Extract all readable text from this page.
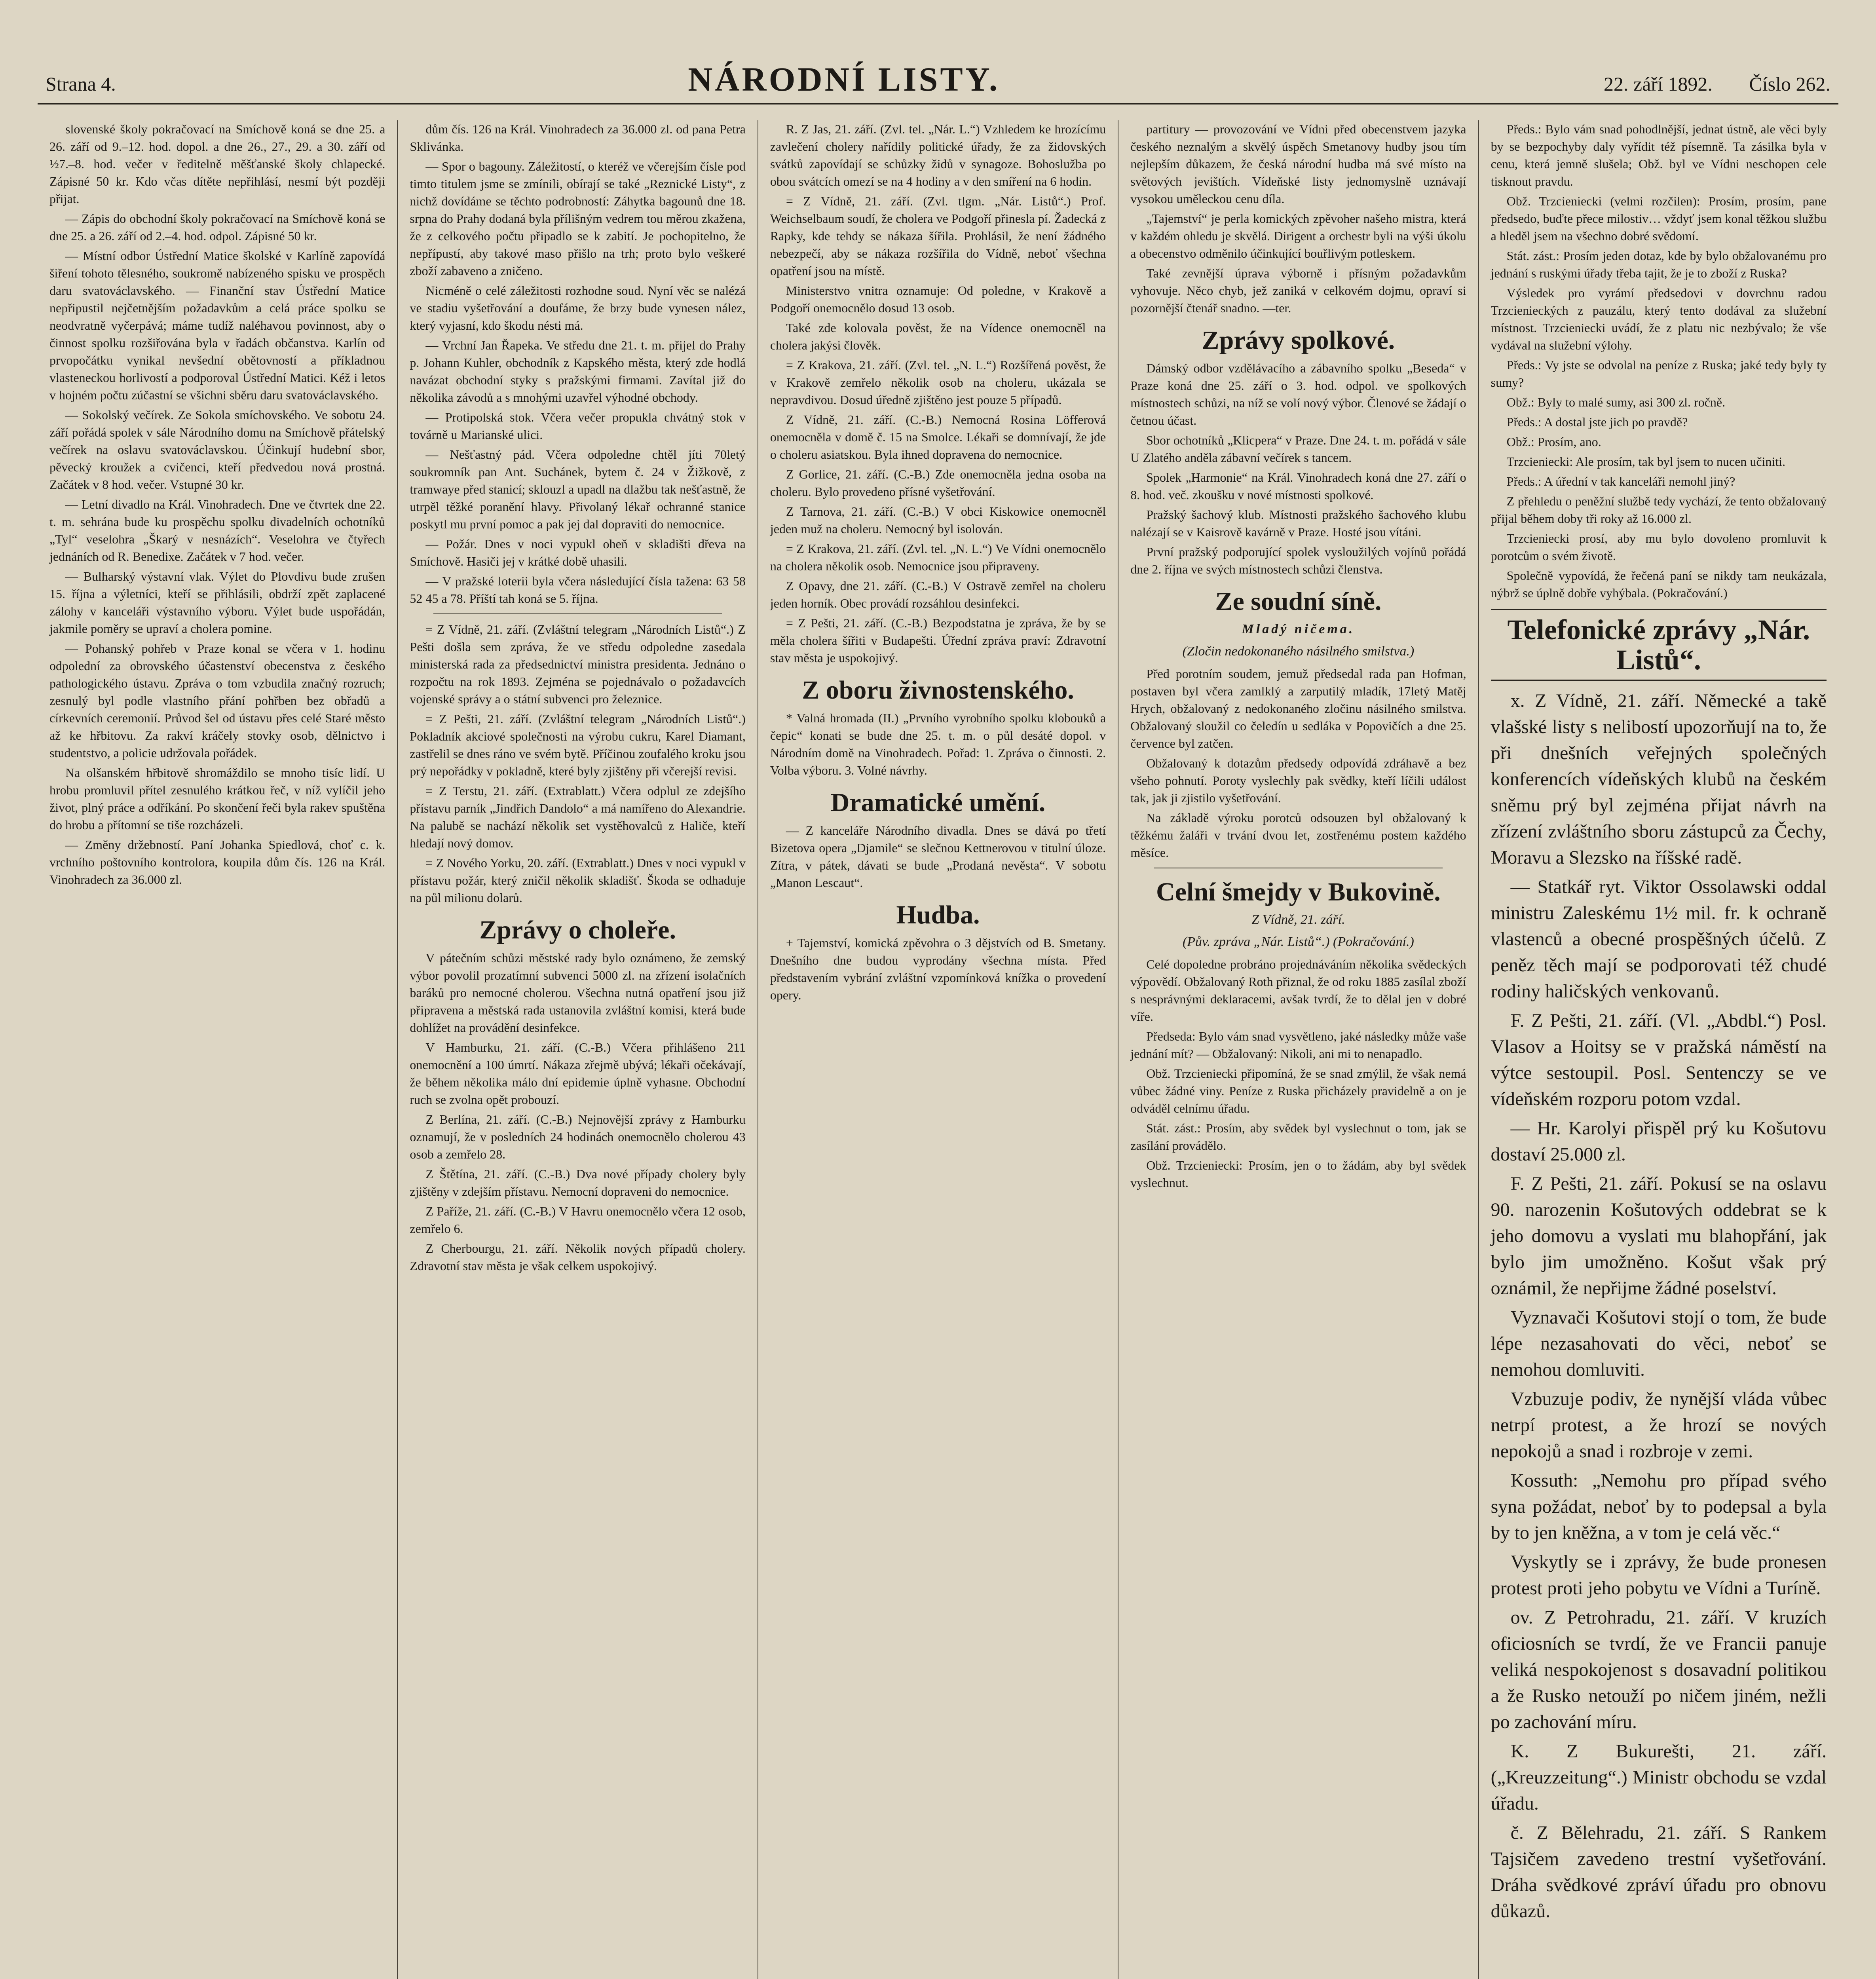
Strana 4.	NÁRODNÍ LISTY.	22. září 1892. Číslo 262.

slovenské školy pokračovací na Smíchově koná se dne 25. a 26. září od 9.–12. hod. dopol. a dne 26., 27., 29. a 30. září od ½7.–8. hod. večer v ředitelně měšťanské školy chlapecké. Zápisné 50 kr. Kdo včas dítěte nepřihlásí, nesmí být později přijat.

— Zápis do obchodní školy pokračovací na Smíchově koná se dne 25. a 26. září od 2.–4. hod. odpol. Zápisné 50 kr.

— Místní odbor Ústřední Matice školské v Karlíně zapovídá šiření tohoto tělesného, soukromě nabízeného spisku ve prospěch daru svatováclavského. — Finanční stav Ústřední Matice nepřipustil nejčetnějším požadavkům a celá práce spolku se neodvratně vyčerpává; máme tudíž naléhavou povinnost, aby o činnost spolku rozšiřována byla v řadách občanstva. Karlín od prvopočátku vynikal nevšední obětovností a příkladnou vlasteneckou horlivostí a podporoval Ústřední Matici. Kéž i letos v hojném počtu zúčastní se všichni sběru daru svatováclavského.

— Sokolský večírek. Ze Sokola smíchovského. Ve sobotu 24. září pořádá spolek v sále Národního domu na Smíchově přátelský večírek na oslavu svatováclavskou. Účinkují hudební sbor, pěvecký kroužek a cvičenci, kteří předvedou nová prostná. Začátek v 8 hod. večer. Vstupné 30 kr.

— Letní divadlo na Král. Vinohradech. Dne ve čtvrtek dne 22. t. m. sehrána bude ku prospěchu spolku divadelních ochotníků „Tyl“ veselohra „Škarý v nesnázích“. Veselohra ve čtyřech jednáních od R. Benedixe. Začátek v 7 hod. večer.

— Bulharský výstavní vlak. Výlet do Plovdivu bude zrušen 15. října a výletníci, kteří se přihlásili, obdrží zpět zaplacené zálohy v kanceláři výstavního výboru. Výlet bude uspořádán, jakmile poměry se upraví a cholera pomine.

— Pohanský pohřeb v Praze konal se včera v 1. hodinu odpolední za obrovského účastenství obecenstva z českého pathologického ústavu. Zpráva o tom vzbudila značný rozruch; zesnulý byl podle vlastního přání pohřben bez obřadů a církevních ceremonií. Průvod šel od ústavu přes celé Staré město až ke hřbitovu. Za rakví kráčely stovky osob, dělnictvo i studentstvo, a policie udržovala pořádek.

Na olšanském hřbitově shromáždilo se mnoho tisíc lidí. U hrobu promluvil přítel zesnulého krátkou řeč, v níž vylíčil jeho život, plný práce a odříkání. Po skončení řeči byla rakev spuštěna do hrobu a přítomní se tiše rozcházeli.

— Změny držebností. Paní Johanka Spiedlová, choť c. k. vrchního poštovního kontrolora, koupila dům čís. 126 na Král. Vinohradech za 36.000 zl.

dům čís. 126 na Král. Vinohradech za 36.000 zl. od pana Petra Sklivánka.

— Spor o bagouny. Záležitostí, o kteréž ve včerejším čísle pod timto titulem jsme se zmínili, obírají se také „Reznické Listy“, z nichž dovídáme se těchto podrobností: Záhytka bagounů dne 18. srpna do Prahy dodaná byla přílišným vedrem tou měrou zkažena, že z celkového počtu připadlo se k zabití. Je pochopitelno, že nepřípustí, aby takové maso přišlo na trh; proto bylo veškeré zboží zabaveno a zničeno.

Nicméně o celé záležitosti rozhodne soud. Nyní věc se nalézá ve stadiu vyšetřování a doufáme, že brzy bude vynesen nález, který vyjasní, kdo škodu nésti má.

— Vrchní Jan Řapeka. Ve středu dne 21. t. m. přijel do Prahy p. Johann Kuhler, obchodník z Kapského města, který zde hodlá navázat obchodní styky s pražskými firmami. Zavítal již do několika závodů a s mnohými uzavřel výhodné obchody.

— Protipolská stok. Včera večer propukla chvátný stok v továrně u Marianské ulici.

— Nešťastný pád. Včera odpoledne chtěl jíti 70letý soukromník pan Ant. Suchánek, bytem č. 24 v Žižkově, z tramwaye před stanicí; sklouzl a upadl na dlažbu tak nešťastně, že utrpěl těžké poranění hlavy. Přivolaný lékař ochranné stanice poskytl mu první pomoc a pak jej dal dopraviti do nemocnice.

— Požár. Dnes v noci vypukl oheň v skladišti dřeva na Smíchově. Hasiči jej v krátké době uhasili.

— V pražské loterii byla včera následující čísla tažena: 63 58 52 45 a 78. Příští tah koná se 5. října.

= Z Vídně, 21. září. (Zvláštní telegram „Národních Listů“.) Z Pešti došla sem zpráva, že ve středu odpoledne zasedala ministerská rada za předsednictví ministra presidenta. Jednáno o rozpočtu na rok 1893. Zejména se pojednávalo o požadavcích vojenské správy a o státní subvenci pro železnice.

= Z Pešti, 21. září. (Zvláštní telegram „Národních Listů“.) Pokladník akciové společnosti na výrobu cukru, Karel Diamant, zastřelil se dnes ráno ve svém bytě. Příčinou zoufalého kroku jsou prý nepořádky v pokladně, které byly zjištěny při včerejší revisi.

= Z Terstu, 21. září. (Extrablatt.) Včera odplul ze zdejšího přístavu parník „Jindřich Dandolo“ a má namířeno do Alexandrie. Na palubě se nachází několik set vystěhovalců z Haliče, kteří hledají nový domov.

= Z Nového Yorku, 20. září. (Extrablatt.) Dnes v noci vypukl v přístavu požár, který zničil několik skladišť. Škoda se odhaduje na půl milionu dolarů.

Zprávy o choleře.

V pátečním schůzi městské rady bylo oznámeno, že zemský výbor povolil prozatímní subvenci 5000 zl. na zřízení isolačních baráků pro nemocné cholerou. Všechna nutná opatření jsou již připravena a městská rada ustanovila zvláštní komisi, která bude dohlížet na provádění desinfekce.

V Hamburku, 21. září. (C.-B.) Včera přihlášeno 211 onemocnění a 100 úmrtí. Nákaza zřejmě ubývá; lékaři očekávají, že během několika málo dní epidemie úplně vyhasne. Obchodní ruch se zvolna opět probouzí.

Z Berlína, 21. září. (C.-B.) Nejnovější zprávy z Hamburku oznamují, že v posledních 24 hodinách onemocnělo cholerou 43 osob a zemřelo 28.

Z Štětína, 21. září. (C.-B.) Dva nové případy cholery byly zjištěny v zdejším přístavu. Nemocní dopraveni do nemocnice.

Z Paříže, 21. září. (C.-B.) V Havru onemocnělo včera 12 osob, zemřelo 6.

Z Cherbourgu, 21. září. Několik nových případů cholery. Zdravotní stav města je však celkem uspokojivý.

R. Z Jas, 21. září. (Zvl. tel. „Nár. L.“) Vzhledem ke hrozícímu zavlečení cholery nařídily politické úřady, že za židovských svátků zapovídají se schůzky židů v synagoze. Bohoslužba po obou svátcích omezí se na 4 hodiny a v den smíření na 6 hodin.

= Z Vídně, 21. září. (Zvl. tlgm. „Nár. Listů“.) Prof. Weichselbaum soudí, že cholera ve Podgoří přinesla pí. Žadecká z Rapky, kde tehdy se nákaza šířila. Prohlásil, že není žádného nebezpečí, aby se nákaza rozšířila do Vídně, neboť všechna opatření jsou na místě.

Ministerstvo vnitra oznamuje: Od poledne, v Krakově a Podgoří onemocnělo dosud 13 osob.

Také zde kolovala pověst, že na Vídence onemocněl na cholera jakýsi člověk.

= Z Krakova, 21. září. (Zvl. tel. „N. L.“) Rozšířená pověst, že v Krakově zemřelo několik osob na choleru, ukázala se nepravdivou. Dosud úředně zjištěno jest pouze 5 případů.

Z Vídně, 21. září. (C.-B.) Nemocná Rosina Löfferová onemocněla v domě č. 15 na Smolce. Lékaři se domnívají, že jde o choleru asiatskou. Byla ihned dopravena do nemocnice.

Z Gorlice, 21. září. (C.-B.) Zde onemocněla jedna osoba na choleru. Bylo provedeno přísné vyšetřování.

Z Tarnova, 21. září. (C.-B.) V obci Kiskowice onemocněl jeden muž na choleru. Nemocný byl isolován.

= Z Krakova, 21. září. (Zvl. tel. „N. L.“) Ve Vídni onemocnělo na cholera několik osob. Nemocnice jsou připraveny.

Z Opavy, dne 21. září. (C.-B.) V Ostravě zemřel na choleru jeden horník. Obec provádí rozsáhlou desinfekci.

= Z Pešti, 21. září. (C.-B.) Bezpodstatna je zpráva, že by se měla cholera šířiti v Budapešti. Úřední zpráva praví: Zdravotní stav města je uspokojivý.

Z oboru živnostenského.

* Valná hromada (II.) „Prvního vyrobního spolku klobouků a čepic“ konati se bude dne 25. t. m. o půl desáté dopol. v Národním domě na Vinohradech. Pořad: 1. Zpráva o činnosti. 2. Volba výboru. 3. Volné návrhy.

Dramatické umění.

— Z kanceláře Národního divadla. Dnes se dává po třetí Bizetova opera „Djamile“ se slečnou Kettnerovou v titulní úloze. Zítra, v pátek, dávati se bude „Prodaná nevěsta“. V sobotu „Manon Lescaut“.

Hudba.

+ Tajemství, komická zpěvohra o 3 dějstvích od B. Smetany. Dnešního dne budou vyprodány všechna místa. Před představením vybrání zvláštní vzpomínková knížka o provedení opery.

partitury — provozování ve Vídni před obecenstvem jazyka českého neznalým a skvělý úspěch Smetanovy hudby jsou tím nejlepším důkazem, že česká národní hudba má své místo na světových jevištích. Vídeňské listy jednomyslně uznávají vysokou uměleckou cenu díla.

„Tajemství“ je perla komických zpěvoher našeho mistra, která v každém ohledu je skvělá. Dirigent a orchestr byli na výši úkolu a obecenstvo odměnilo účinkující bouřlivým potleskem.

Také zevnější úprava výborně i přísným požadavkům vyhovuje. Něco chyb, jež zaniká v celkovém dojmu, opraví si pozornější čtenář snadno. —ter.

Zprávy spolkové.

Dámský odbor vzdělávacího a zábavního spolku „Beseda“ v Praze koná dne 25. září o 3. hod. odpol. ve spolkových místnostech schůzi, na níž se volí nový výbor. Členové se žádají o četnou účast.

Sbor ochotníků „Klicpera“ v Praze. Dne 24. t. m. pořádá v sále U Zlatého anděla zábavní večírek s tancem.

Spolek „Harmonie“ na Král. Vinohradech koná dne 27. září o 8. hod. več. zkoušku v nové místnosti spolkové.

Pražský šachový klub. Místnosti pražského šachového klubu nalézají se v Kaisrově kavárně v Praze. Hosté jsou vítáni.

První pražský podporující spolek vysloužilých vojínů pořádá dne 2. října ve svých místnostech schůzi členstva.

Ze soudní síně.
Mladý ničema.
(Zločin nedokonaného násilného smilstva.)

Před porotním soudem, jemuž předsedal rada pan Hofman, postaven byl včera zamlklý a zarputilý mladík, 17letý Matěj Hrych, obžalovaný z nedokonaného zločinu násilného smilstva. Obžalovaný sloužil co čeledín u sedláka v Popovičích a dne 25. července byl zatčen.

Obžalovaný k dotazům předsedy odpovídá zdráhavě a bez všeho pohnutí. Poroty vyslechly pak svědky, kteří líčili událost tak, jak ji zjistilo vyšetřování.

Na základě výroku porotců odsouzen byl obžalovaný k těžkému žaláři v trvání dvou let, zostřenému postem každého měsíce.

Celní šmejdy v Bukovině.
Z Vídně, 21. září.
(Pův. zpráva „Nár. Listů“.) (Pokračování.)

Celé dopoledne probráno projednáváním několika svědeckých výpovědí. Obžalovaný Roth přiznal, že od roku 1885 zasílal zboží s nesprávnými deklaracemi, avšak tvrdí, že to dělal jen v dobré víře.

Předseda: Bylo vám snad vysvětleno, jaké následky může vaše jednání mít? — Obžalovaný: Nikoli, ani mi to nenapadlo.

Obž. Trzcieniecki připomíná, že se snad zmýlil, že však nemá vůbec žádné viny. Peníze z Ruska přicházely pravidelně a on je odváděl celnímu úřadu.

Stát. zást.: Prosím, aby svědek byl vyslechnut o tom, jak se zasílání provádělo.

Obž. Trzcieniecki: Prosím, jen o to žádám, aby byl svědek vyslechnut.

Předs.: Bylo vám snad pohodlnější, jednat ústně, ale věci byly by se bezpochyby daly vyřídit též písemně. Ta zásilka byla v cenu, která jemně slušela; Obž. byl ve Vídni neschopen cele tisknout pravdu.

Obž. Trzcieniecki (velmi rozčilen): Prosím, prosím, pane předsedo, buďte přece milostiv… vždyť jsem konal těžkou službu a hleděl jsem na všechno dobré svědomí.

Stát. zást.: Prosím jeden dotaz, kde by bylo obžalovanému pro jednání s ruskými úřady třeba tajit, že je to zboží z Ruska?

Výsledek pro vyrámí předsedovi v dovrchnu radou Trzcienieckých z pauzálu, který tento dodával za služební místnost. Trzcieniecki uvádí, že z platu nic nezbývalo; že vše vydával na služební výlohy.

Předs.: Vy jste se odvolal na peníze z Ruska; jaké tedy byly ty sumy?

Obž.: Byly to malé sumy, asi 300 zl. ročně.

Předs.: A dostal jste jich po pravdě?

Obž.: Prosím, ano.

Trzcieniecki: Ale prosím, tak byl jsem to nucen učiniti.

Předs.: A úřední v tak kanceláři nemohl jiný?

Z přehledu o peněžní službě tedy vychází, že tento obžalovaný přijal během doby tři roky až 16.000 zl.

Trzcieniecki prosí, aby mu bylo dovoleno promluvit k porotcům o svém životě.

Společně vypovídá, že řečená paní se nikdy tam neukázala, nýbrž se úplně dobře vyhýbala. (Pokračování.)

Telefonické zprávy „Nár. Listů“.

x. Z Vídně, 21. září. Německé a takě vlašské listy s nelibostí upozorňují na to, že při dnešních veřejných společných konferencích vídeňských klubů na českém sněmu prý byl zejména přijat návrh na zřízení zvláštního sboru zástupců za Čechy, Moravu a Slezsko na říšské radě.

— Statkář ryt. Viktor Ossolawski oddal ministru Zaleskému 1½ mil. fr. k ochraně vlastenců a obecné prospěšných účelů. Z peněz těch mají se podporovati též chudé rodiny haličských venkovanů.

F. Z Pešti, 21. září. (Vl. „Abdbl.“) Posl. Vlasov a Hoitsy se v pražská náměstí na výtce sestoupil. Posl. Sentenczy se ve vídeňském rozporu potom vzdal.

— Hr. Karolyi přispěl prý ku Košutovu dostaví 25.000 zl.

F. Z Pešti, 21. září. Pokusí se na oslavu 90. narozenin Košutových oddebrat se k jeho domovu a vyslati mu blahopřání, jak bylo jim umožněno. Košut však prý oznámil, že nepřijme žádné poselství.

Vyznavači Košutovi stojí o tom, že bude lépe nezasahovati do věci, neboť se nemohou domluviti.

Vzbuzuje podiv, že nynější vláda vůbec netrpí protest, a že hrozí se nových nepokojů a snad i rozbroje v zemi.

Kossuth: „Nemohu pro případ svého syna požádat, neboť by to podepsal a byla by to jen kněžna, a v tom je celá věc.“

Vyskytly se i zprávy, že bude pronesen protest proti jeho pobytu ve Vídni a Turíně.

ov. Z Petrohradu, 21. září. V kruzích oficiosních se tvrdí, že ve Francii panuje veliká nespokojenost s dosavadní politikou a že Rusko netouží po ničem jiném, nežli po zachování míru.

K. Z Bukurešti, 21. září. („Kreuzzeitung“.) Ministr obchodu se vzdal úřadu.

č. Z Bělehradu, 21. září. S Rankem Tajsičem zavedeno trestní vyšetřování. Dráha svědkové zpráví úřadu pro obnovu důkazů.
